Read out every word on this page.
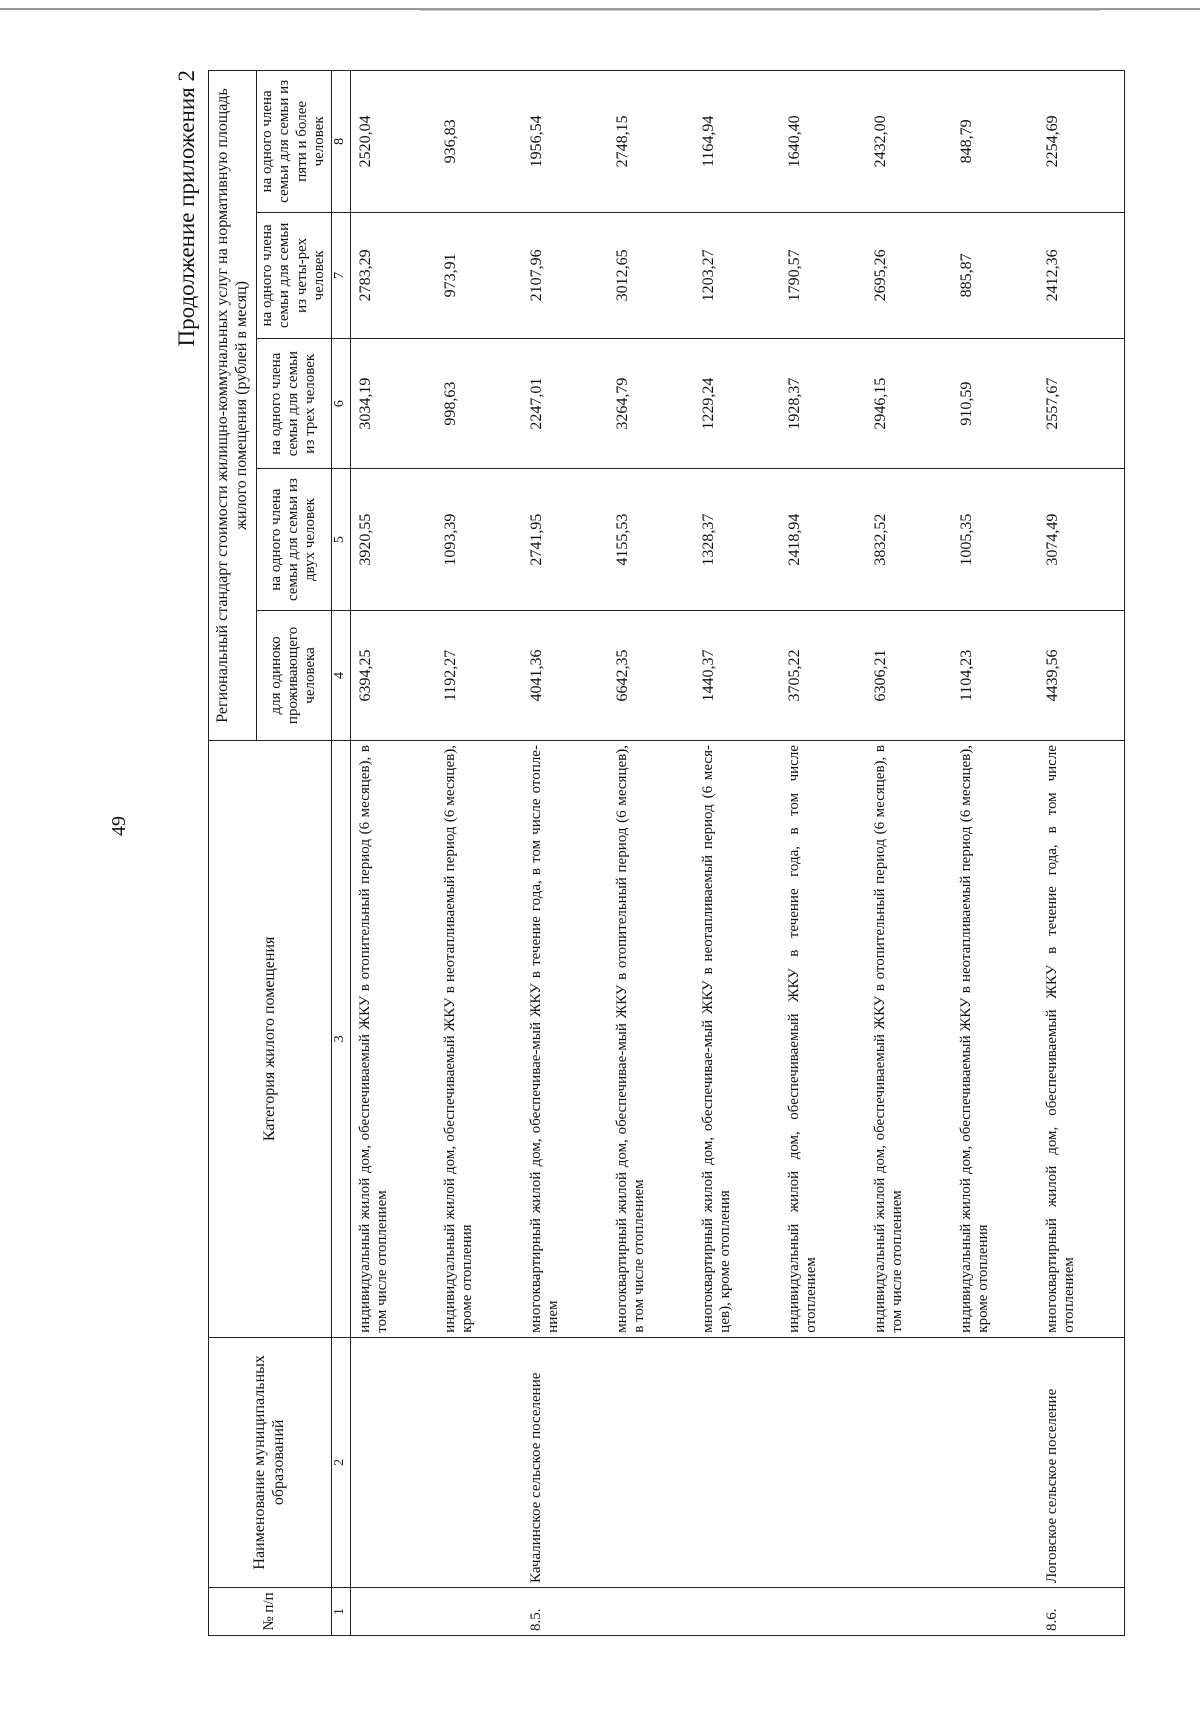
49
Продолжение приложения 2
№ п/п	Наименование муниципальных образований	Категория жилого помещения	Региональный стандарт стоимости жилищно-коммунальных услуг на нормативную площадь жилого помещения (рублей в месяц)				
			для одиноко проживающего человека	на одного члена семьи для семьи из двух человек	на одного члена семьи для семьи из трех человек	на одного члена семьи для семьи из четы-рех человек	на одного члена семьи для семьи из пяти и более человек
1	2	3	4	5	6	7	8
		индивидуальный жилой дом, обеспечиваемый ЖКУ в отопительный период (6 месяцев), в том числе отоплением	6394,25	3920,55	3034,19	2783,29	2520,04
		индивидуальный жилой дом, обеспечиваемый ЖКУ в неотапливаемый период (6 месяцев), кроме отопления	1192,27	1093,39	998,63	973,91	936,83
8.5.	Качалинское сельское поселение	многоквартирный жилой дом, обеспечивае-мый ЖКУ в течение года, в том числе отопле-нием	4041,36	2741,95	2247,01	2107,96	1956,54
		многоквартирный жилой дом, обеспечивае-мый ЖКУ в отопительный период (6 месяцев), в том числе отоплением	6642,35	4155,53	3264,79	3012,65	2748,15
		многоквартирный жилой дом, обеспечивае-мый ЖКУ в неотапливаемый период (6 меся-цев), кроме отопления	1440,37	1328,37	1229,24	1203,27	1164,94
		индивидуальный жилой дом, обеспечиваемый ЖКУ в течение года, в том числе отоплением	3705,22	2418,94	1928,37	1790,57	1640,40
		индивидуальный жилой дом, обеспечиваемый ЖКУ в отопительный период (6 месяцев), в том числе отоплением	6306,21	3832,52	2946,15	2695,26	2432,00
		индивидуальный жилой дом, обеспечиваемый ЖКУ в неотапливаемый период (6 месяцев), кроме отопления	1104,23	1005,35	910,59	885,87	848,79
8.6.	Логовское сельское поселение	многоквартирный жилой дом, обеспечиваемый ЖКУ в течение года, в том числе отоплением	4439,56	3074,49	2557,67	2412,36	2254,69
